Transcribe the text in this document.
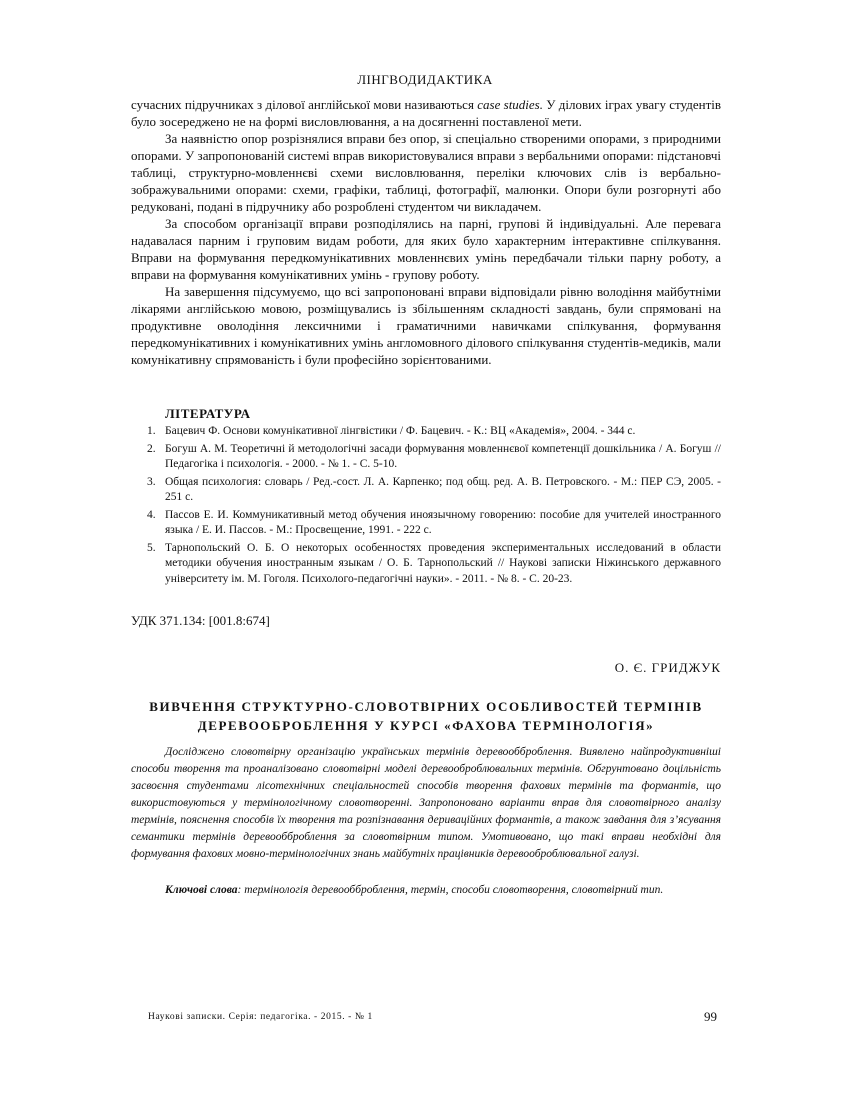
ЛІНГВОДИДАКТИКА

сучасних підручниках з ділової англійської мови називаються case studies. У ділових іграх увагу студентів було зосереджено не на формі висловлювання, а на досягненні поставленої мети.

За наявністю опор розрізнялися вправи без опор, зі спеціально створеними опорами, з природними опорами. У запропонованій системі вправ використовувалися вправи з вербальними опорами: підстановчі таблиці, структурно-мовленнєві схеми висловлювання, переліки ключових слів із вербально-зображувальними опорами: схеми, графіки, таблиці, фотографії, малюнки. Опори були розгорнуті або редуковані, подані в підручнику або розроблені студентом чи викладачем.

За способом організації вправи розподілялись на парні, групові й індивідуальні. Але перевага надавалася парним і груповим видам роботи, для яких було характерним інтерактивне спілкування. Вправи на формування передкомунікативних мовленнєвих умінь передбачали тільки парну роботу, а вправи на формування комунікативних умінь - групову роботу.

На завершення підсумуємо, що всі запропоновані вправи відповідали рівню володіння майбутніми лікарями англійською мовою, розміщувались із збільшенням складності завдань, були спрямовані на продуктивне оволодіння лексичними і граматичними навичками спілкування, формування передкомунікативних і комунікативних умінь англомовного ділового спілкування студентів-медиків, мали комунікативну спрямованість і були професійно зорієнтованими.

ЛІТЕРАТУРА
1. Бацевич Ф. Основи комунікативної лінгвістики / Ф. Бацевич. - К.: ВЦ «Академія», 2004. - 344 с.
2. Богуш А. М. Теоретичні й методологічні засади формування мовленнєвої компетенції дошкільника / А. Богуш // Педагогіка і психологія. - 2000. - № 1. - С. 5-10.
3. Общая психология: словарь / Ред.-сост. Л. А. Карпенко; под общ. ред. А. В. Петровского. - М.: ПЕР СЭ, 2005. - 251 с.
4. Пассов Е. И. Коммуникативный метод обучения иноязычному говорению: пособие для учителей иностранного языка / Е. И. Пассов. - М.: Просвещение, 1991. - 222 с.
5. Тарнопольский О. Б. О некоторых особенностях проведения экспериментальных исследований в области методики обучения иностранным языкам / О. Б. Тарнопольский // Наукові записки Ніжинського державного університету ім. М. Гоголя. Психолого-педагогічні науки». - 2011. - № 8. - С. 20-23.
УДК 371.134: [001.8:674]
О. Є. ГРИДЖУК
ВИВЧЕННЯ СТРУКТУРНО-СЛОВОТВІРНИХ ОСОБЛИВОСТЕЙ ТЕРМІНІВ
ДЕРЕВООБРОБЛЕННЯ У КУРСІ «ФАХОВА ТЕРМІНОЛОГІЯ»

Досліджено словотвірну організацію українських термінів деревообброблення. Виявлено найпродуктивніші способи творення та проаналізовано словотвірні моделі деревооброблювальних термінів. Обгрунтовано доцільність засвоєння студентами лісотехнічних спеціальностей способів творення фахових термінів та формантів, що використовуються у термінологічному словотворенні. Запропоновано варіанти вправ для словотвірного аналізу термінів, пояснення способів їх творення та розпізнавання дериваційних формантів, а також завдання для з’ясування семантики термінів деревообброблення за словотвірним типом. Умотивовано, що такі вправи необхідні для формування фахових мовно-термінологічних знань майбутніх працівників деревооброблювальної галузі.

Ключові слова: термінологія деревообброблення, термін, способи словотворення, словотвірний тип.
Наукові записки. Серія: педагогіка. - 2015. - № 1	99
